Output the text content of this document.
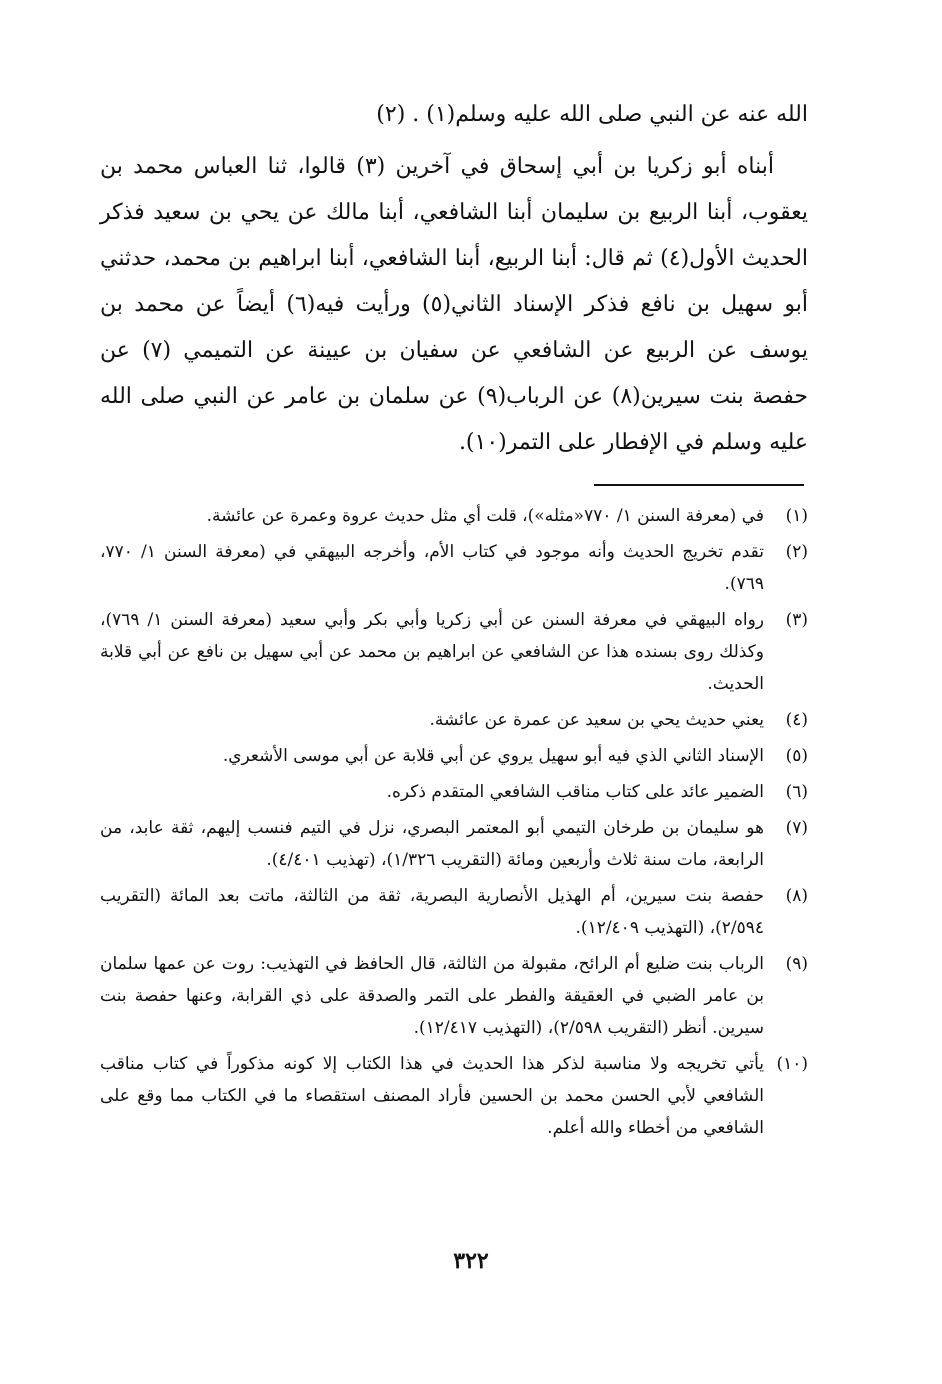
الله عنه عن النبي صلى الله عليه وسلم(١) . (٢)

أبناه أبو زكريا بن أبي إسحاق في آخرين (٣) قالوا، ثنا العباس محمد بن يعقوب، أبنا الربيع بن سليمان أبنا الشافعي، أبنا مالك عن يحي بن سعيد فذكر الحديث الأول(٤) ثم قال: أبنا الربيع، أبنا الشافعي، أبنا ابراهيم بن محمد، حدثني أبو سهيل بن نافع فذكر الإسناد الثاني(٥) ورأيت فيه(٦) أيضاً عن محمد بن يوسف عن الربيع عن الشافعي عن سفيان بن عيينة عن التميمي (٧) عن حفصة بنت سيرين(٨) عن الرباب(٩) عن سلمان بن عامر عن النبي صلى الله عليه وسلم في الإفطار على التمر(١٠).

(١)
في (معرفة السنن ١/ ٧٧٠«مثله»)، قلت أي مثل حديث عروة وعمرة عن عائشة.
(٢)
تقدم تخريج الحديث وأنه موجود في كتاب الأم، وأخرجه البيهقي في (معرفة السنن ١/ ٧٧٠، ٧٦٩).
(٣)
رواه البيهقي في معرفة السنن عن أبي زكريا وأبي بكر وأبي سعيد (معرفة السنن ١/ ٧٦٩)، وكذلك روى بسنده هذا عن الشافعي عن ابراهيم بن محمد عن أبي سهيل بن نافع عن أبي قلابة الحديث.
(٤)
يعني حديث يحي بن سعيد عن عمرة عن عائشة.
(٥)
الإسناد الثاني الذي فيه أبو سهيل يروي عن أبي قلابة عن أبي موسى الأشعري.
(٦)
الضمير عائد على كتاب مناقب الشافعي المتقدم ذكره.
(٧)
هو سليمان بن طرخان التيمي أبو المعتمر البصري، نزل في التيم فنسب إليهم، ثقة عابد، من الرابعة، مات سنة ثلاث وأربعين ومائة (التقريب ١/٣٢٦)، (تهذيب ٤/٤٠١).
(٨)
حفصة بنت سيرين، أم الهذيل الأنصارية البصرية، ثقة من الثالثة، ماتت بعد المائة (التقريب ٢/٥٩٤)، (التهذيب ١٢/٤٠٩).
(٩)
الرباب بنت ضليع أم الرائح، مقبولة من الثالثة، قال الحافظ في التهذيب: روت عن عمها سلمان بن عامر الضبي في العقيقة والفطر على التمر والصدقة على ذي القرابة، وعنها حفصة بنت سيرين. أنظر (التقريب ٢/٥٩٨)، (التهذيب ١٢/٤١٧).
(١٠)
يأتي تخريجه ولا مناسبة لذكر هذا الحديث في هذا الكتاب إلا كونه مذكوراً في كتاب مناقب الشافعي لأبي الحسن محمد بن الحسين فأراد المصنف استقصاء ما في الكتاب مما وقع على الشافعي من أخطاء والله أعلم.
٣٢٢
